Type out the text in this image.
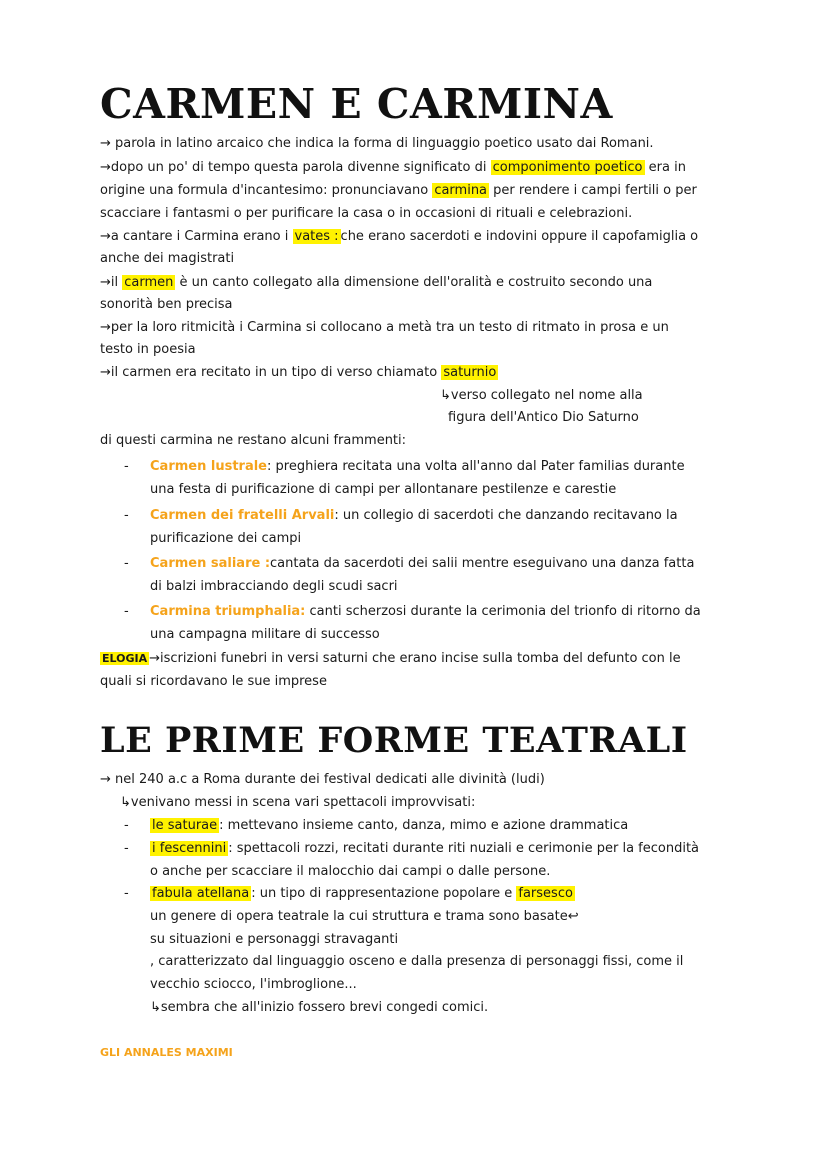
CARMEN E CARMINA

→ parola in latino arcaico che indica la forma di linguaggio poetico usato dai Romani.

→dopo un po' di tempo questa parola divenne significato di componimento poetico era in

origine una formula d'incantesimo: pronunciavano carmina per rendere i campi fertili o per

scacciare i fantasmi o per purificare la casa o in occasioni di rituali e celebrazioni.

→a cantare i Carmina erano i vates : che erano sacerdoti e indovini oppure il capofamiglia o

anche dei magistrati

→il carmen è un canto collegato alla dimensione dell'oralità e costruito secondo una

sonorità ben precisa

→per la loro ritmicità i Carmina si collocano a metà tra un testo di ritmato in prosa e un

testo in poesia

→il carmen era recitato in un tipo di verso chiamato saturnio

↳verso collegato nel nome alla

figura dell'Antico Dio Saturno

di questi carmina ne restano alcuni frammenti:

- Carmen lustrale: preghiera recitata una volta all'anno dal Pater familias durante

una festa di purificazione di campi per allontanare pestilenze e carestie

- Carmen dei fratelli Arvali: un collegio di sacerdoti che danzando recitavano la

purificazione dei campi

- Carmen saliare :cantata da sacerdoti dei salii mentre eseguivano una danza fatta

di balzi imbracciando degli scudi sacri

- Carmina triumphalia: canti scherzosi durante la cerimonia del trionfo di ritorno da

una campagna militare di successo

ELOGIA →iscrizioni funebri in versi saturni che erano incise sulla tomba del defunto con le

quali si ricordavano le sue imprese

LE PRIME FORME TEATRALI

→ nel 240 a.c a Roma durante dei festival dedicati alle divinità (ludi)

↳venivano messi in scena vari spettacoli improvvisati:

- le saturae : mettevano insieme canto, danza, mimo e azione drammatica

- i fescennini : spettacoli rozzi, recitati durante riti nuziali e cerimonie per la fecondità

o anche per scacciare il malocchio dai campi o dalle persone.

- fabula atellana : un tipo di rappresentazione popolare e farsesco

un genere di opera teatrale la cui struttura e trama sono basate↩

su situazioni e personaggi stravaganti

, caratterizzato dal linguaggio osceno e dalla presenza di personaggi fissi, come il

vecchio sciocco, l'imbroglione...

↳sembra che all'inizio fossero brevi congedi comici.

GLI ANNALES MAXIMI
